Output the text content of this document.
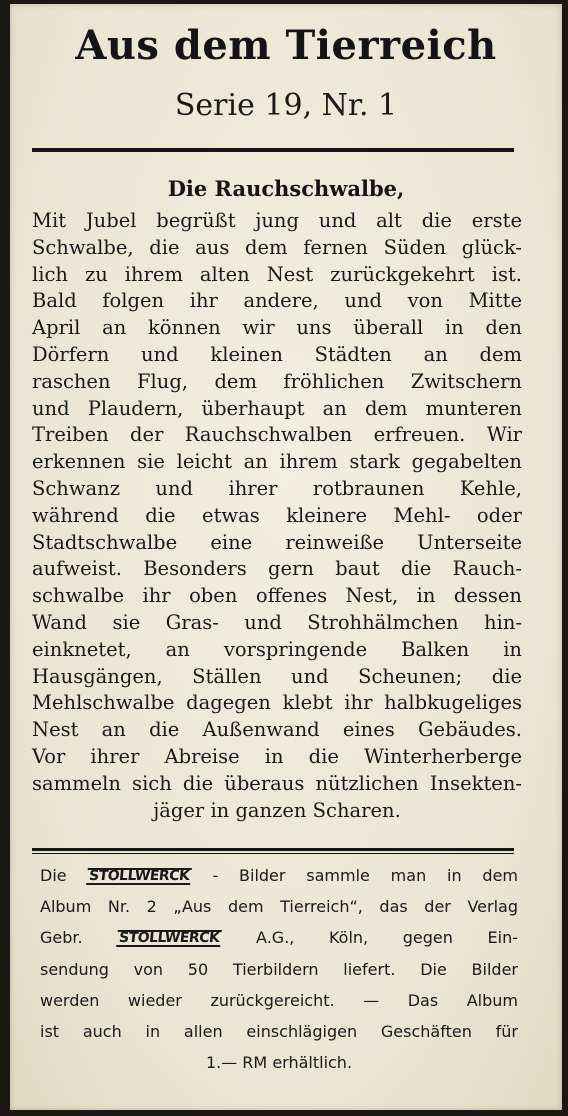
Aus dem Tierreich
Serie 19, Nr. 1
Die Rauchschwalbe,
Mit Jubel begrüßt jung und alt die erste
Schwalbe, die aus dem fernen Süden glück-
lich zu ihrem alten Nest zurückgekehrt ist.
Bald folgen ihr andere, und von Mitte
April an können wir uns überall in den
Dörfern und kleinen Städten an dem
raschen Flug, dem fröhlichen Zwitschern
und Plaudern, überhaupt an dem munteren
Treiben der Rauchschwalben erfreuen. Wir
erkennen sie leicht an ihrem stark gegabelten
Schwanz und ihrer rotbraunen Kehle,
während die etwas kleinere Mehl- oder
Stadtschwalbe eine reinweiße Unterseite
aufweist. Besonders gern baut die Rauch-
schwalbe ihr oben offenes Nest, in dessen
Wand sie Gras- und Strohhälmchen hin-
einknetet, an vorspringende Balken in
Hausgängen, Ställen und Scheunen; die
Mehlschwalbe dagegen klebt ihr halbkugeliges
Nest an die Außenwand eines Gebäudes.
Vor ihrer Abreise in die Winterherberge
sammeln sich die überaus nützlichen Insekten-
jäger in ganzen Scharen.
Die STOLLWERCK - Bilder sammle man in dem
Album Nr. 2 „Aus dem Tierreich“, das der Verlag
Gebr.	STOLLWERCK A.G., Köln, gegen Ein-
sendung von 50 Tierbildern liefert. Die Bilder
werden wieder zurückgereicht. — Das Album
ist auch in allen einschlägigen Geschäften für
1.— RM erhältlich.
